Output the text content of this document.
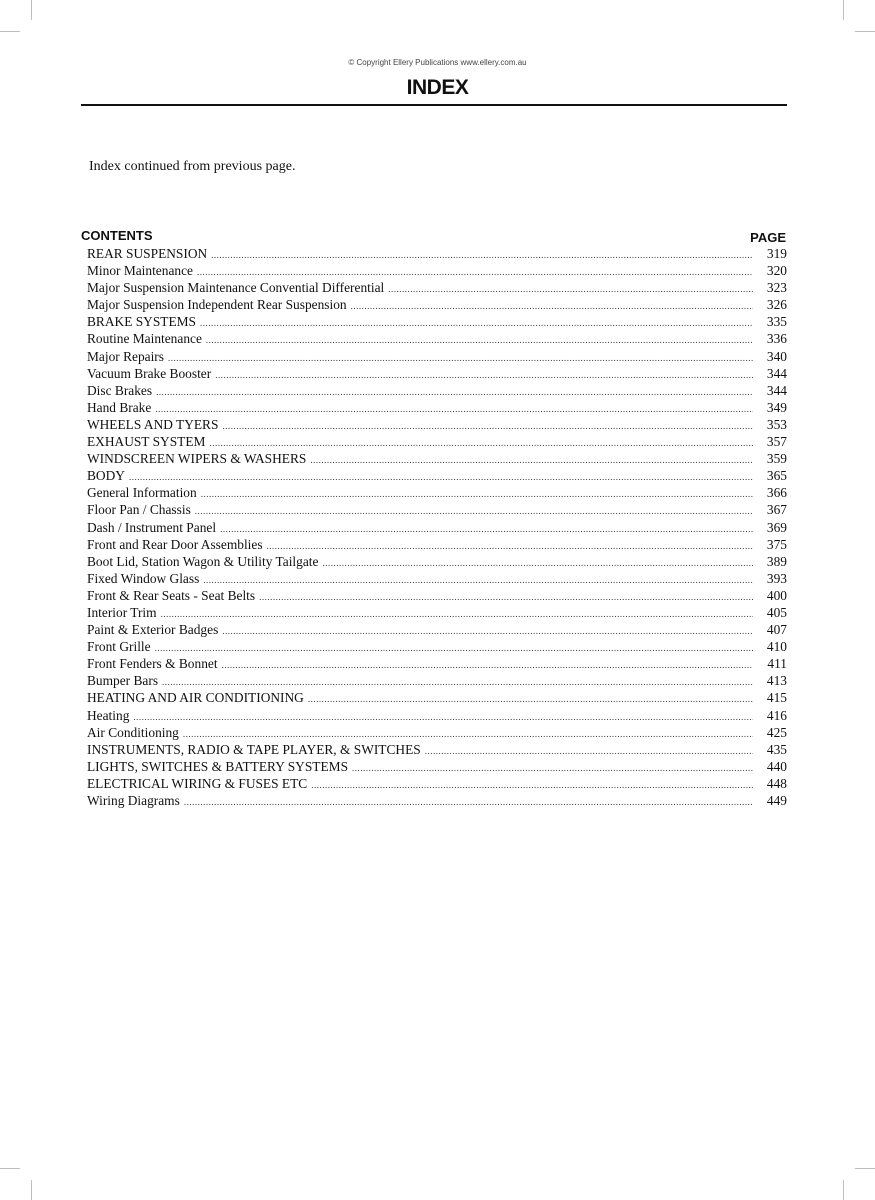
© Copyright Ellery Publications www.ellery.com.au
INDEX
Index continued from previous page.
CONTENTS	PAGE
REAR SUSPENSION .....	319
Minor Maintenance .....	320
Major Suspension Maintenance Convential Differential .....	323
Major Suspension Independent Rear Suspension .....	326
BRAKE SYSTEMS .....	335
Routine Maintenance .....	336
Major Repairs .....	340
Vacuum Brake Booster .....	344
Disc Brakes .....	344
Hand Brake .....	349
WHEELS AND TYERS .....	353
EXHAUST SYSTEM .....	357
WINDSCREEN WIPERS & WASHERS .....	359
BODY .....	365
General Information .....	366
Floor Pan / Chassis .....	367
Dash / Instrument Panel .....	369
Front and Rear Door Assemblies .....	375
Boot Lid, Station Wagon & Utility Tailgate .....	389
Fixed Window Glass .....	393
Front & Rear Seats - Seat Belts .....	400
Interior Trim .....	405
Paint & Exterior Badges .....	407
Front Grille .....	410
Front Fenders & Bonnet .....	411
Bumper Bars .....	413
HEATING AND AIR CONDITIONING .....	415
Heating .....	416
Air Conditioning .....	425
INSTRUMENTS, RADIO & TAPE PLAYER, & SWITCHES .....	435
LIGHTS, SWITCHES & BATTERY SYSTEMS .....	440
ELECTRICAL WIRING & FUSES ETC .....	448
Wiring Diagrams .....	449
